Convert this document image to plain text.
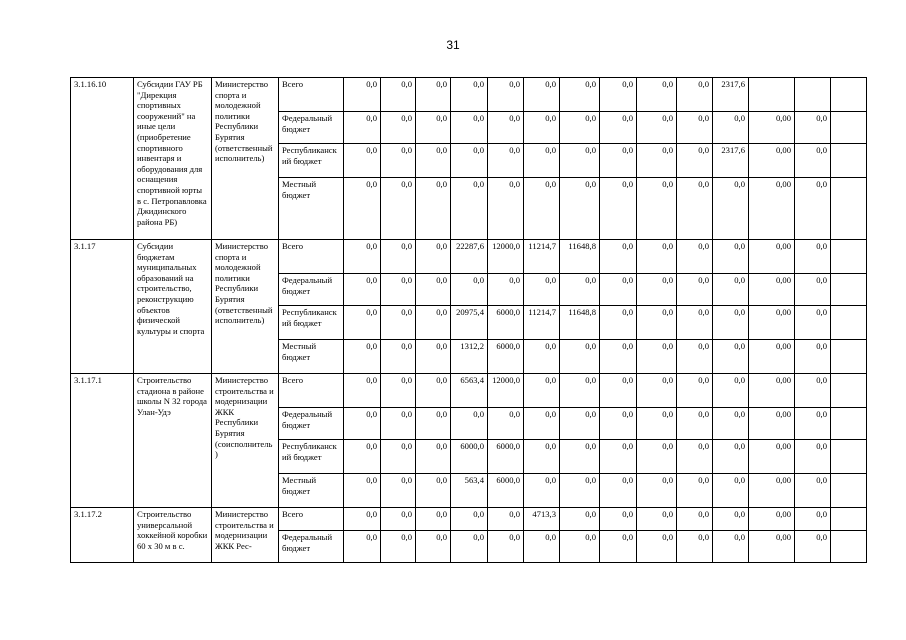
31
3.1.16.10	Субсидии ГАУ РБ "Дирекция спортивных сооружений" на иные цели (приобретение спортивного инвентаря и оборудования для оснащения спортивной юрты в с. Петропавловка Джидинского района РБ)	Министерство спорта и молодежной политики Республики Бурятия (ответственный исполнитель)	Всего	0,0	0,0	0,0	0,0	0,0	0,0	0,0	0,0	0,0	0,0	2317,6			
			Федеральный бюджет	0,0	0,0	0,0	0,0	0,0	0,0	0,0	0,0	0,0	0,0	0,0	0,00	0,0	
			Республиканский бюджет	0,0	0,0	0,0	0,0	0,0	0,0	0,0	0,0	0,0	0,0	2317,6	0,00	0,0	
			Местный бюджет	0,0	0,0	0,0	0,0	0,0	0,0	0,0	0,0	0,0	0,0	0,0	0,00	0,0	
3.1.17	Субсидии бюджетам муниципальных образований на строительство, реконструкцию объектов физической культуры и спорта	Министерство спорта и молодежной политики Республики Бурятия (ответственный исполнитель)	Всего	0,0	0,0	0,0	22287,6	12000,0	11214,7	11648,8	0,0	0,0	0,0	0,0	0,00	0,0	
			Федеральный бюджет	0,0	0,0	0,0	0,0	0,0	0,0	0,0	0,0	0,0	0,0	0,0	0,00	0,0	
			Республиканский бюджет	0,0	0,0	0,0	20975,4	6000,0	11214,7	11648,8	0,0	0,0	0,0	0,0	0,00	0,0	
			Местный бюджет	0,0	0,0	0,0	1312,2	6000,0	0,0	0,0	0,0	0,0	0,0	0,0	0,00	0,0	
3.1.17.1	Строительство стадиона в районе школы N 32 города Улан-Удэ	Министерство строительства и модернизации ЖКК Республики Бурятия (соисполнитель)	Всего	0,0	0,0	0,0	6563,4	12000,0	0,0	0,0	0,0	0,0	0,0	0,0	0,00	0,0	
			Федеральный бюджет	0,0	0,0	0,0	0,0	0,0	0,0	0,0	0,0	0,0	0,0	0,0	0,00	0,0	
			Республиканский бюджет	0,0	0,0	0,0	6000,0	6000,0	0,0	0,0	0,0	0,0	0,0	0,0	0,00	0,0	
			Местный бюджет	0,0	0,0	0,0	563,4	6000,0	0,0	0,0	0,0	0,0	0,0	0,0	0,00	0,0	
3.1.17.2	Строительство универсальной хоккейной коробки 60 x 30 м в с.	Министерство строительства и модернизации ЖКК Рес-	Всего	0,0	0,0	0,0	0,0	0,0	4713,3	0,0	0,0	0,0	0,0	0,0	0,00	0,0	
			Федеральный бюджет	0,0	0,0	0,0	0,0	0,0	0,0	0,0	0,0	0,0	0,0	0,0	0,00	0,0	
